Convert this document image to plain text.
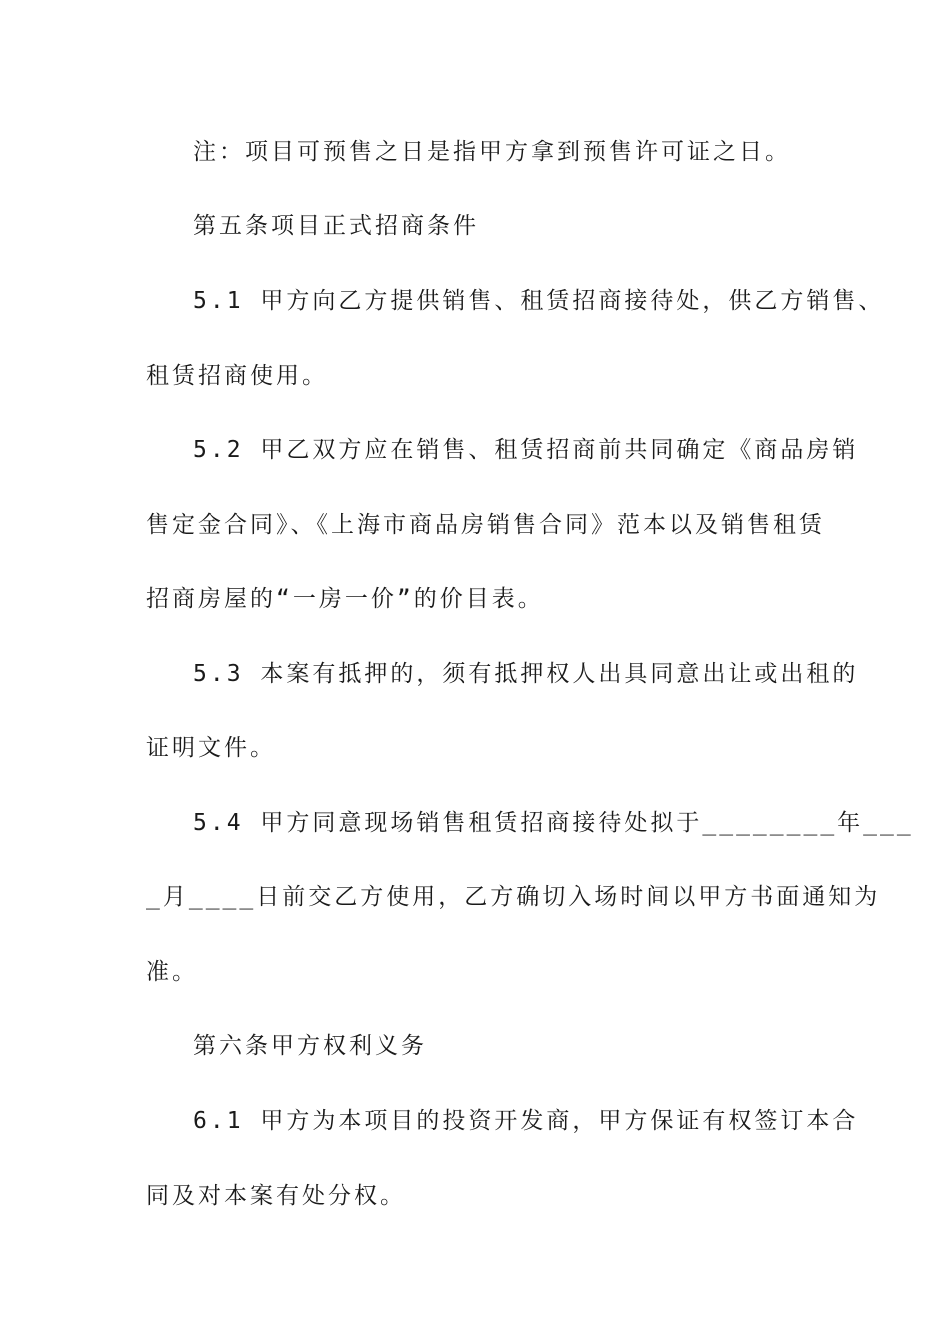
注：项目可预售之日是指甲方拿到预售许可证之日。
第五条项目正式招商条件
5.1 甲方向乙方提供销售、租赁招商接待处，供乙方销售、
租赁招商使用。
5.2 甲乙双方应在销售、租赁招商前共同确定《商品房销
售定金合同》、《上海市商品房销售合同》范本以及销售租赁
招商房屋的“一房一价”的价目表。
5.3 本案有抵押的，须有抵押权人出具同意出让或出租的
证明文件。
5.4 甲方同意现场销售租赁招商接待处拟于________年___
_月____日前交乙方使用，乙方确切入场时间以甲方书面通知为
准。
第六条甲方权利义务
6.1 甲方为本项目的投资开发商，甲方保证有权签订本合
同及对本案有处分权。
